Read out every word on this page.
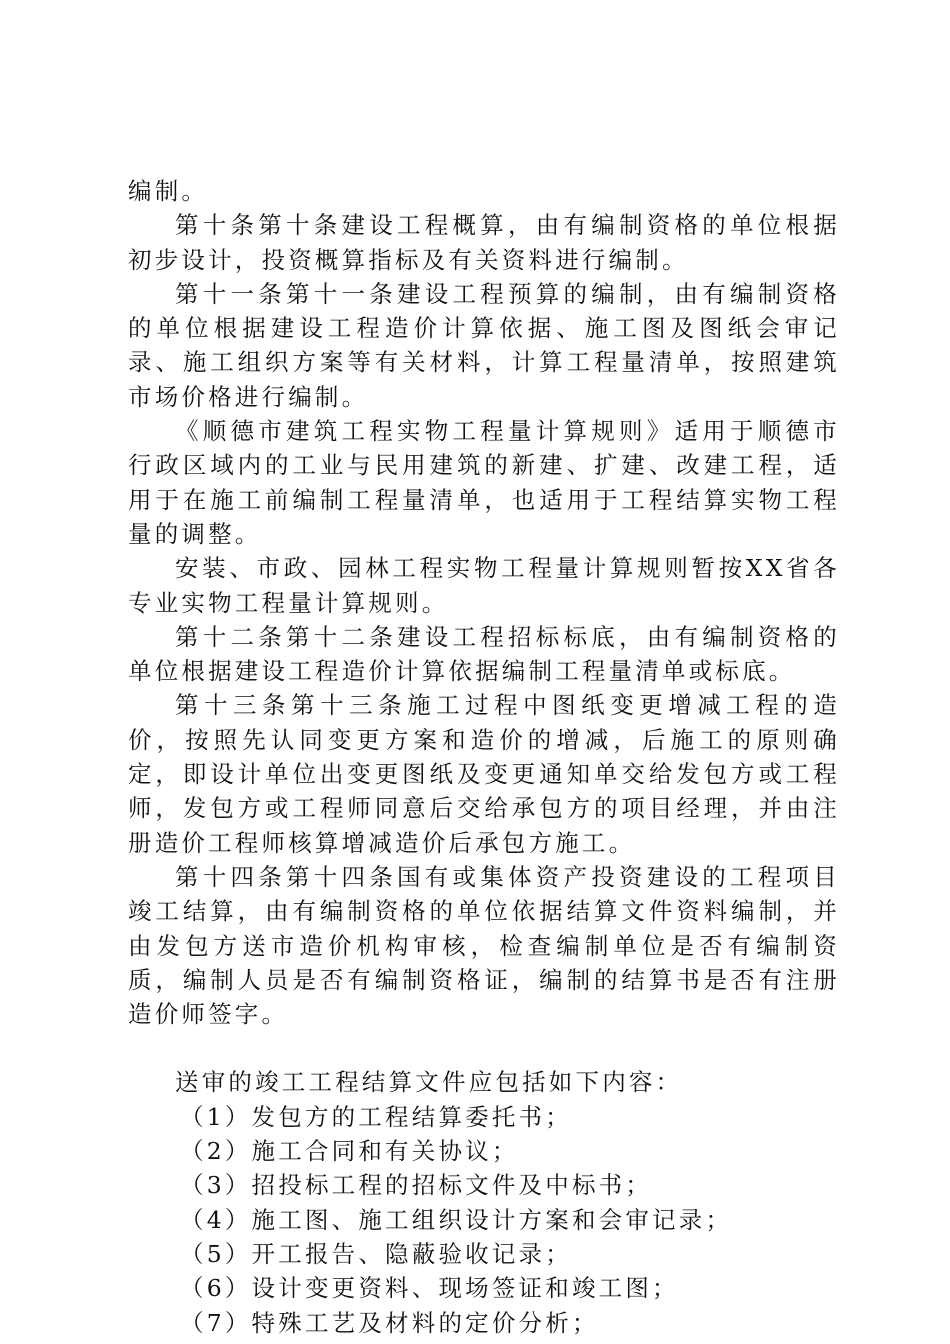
编制。

第十条第十条建设工程概算，由有编制资格的单位根据初步设计，投资概算指标及有关资料进行编制。

第十一条第十一条建设工程预算的编制，由有编制资格的单位根据建设工程造价计算依据、施工图及图纸会审记录、施工组织方案等有关材料，计算工程量清单，按照建筑市场价格进行编制。

《顺德市建筑工程实物工程量计算规则》适用于顺德市行政区域内的工业与民用建筑的新建、扩建、改建工程，适用于在施工前编制工程量清单，也适用于工程结算实物工程量的调整。

安装、市政、园林工程实物工程量计算规则暂按XX省各专业实物工程量计算规则。

第十二条第十二条建设工程招标标底，由有编制资格的单位根据建设工程造价计算依据编制工程量清单或标底。

第十三条第十三条施工过程中图纸变更增减工程的造价，按照先认同变更方案和造价的增减，后施工的原则确定，即设计单位出变更图纸及变更通知单交给发包方或工程师，发包方或工程师同意后交给承包方的项目经理，并由注册造价工程师核算增减造价后承包方施工。

第十四条第十四条国有或集体资产投资建设的工程项目竣工结算，由有编制资格的单位依据结算文件资料编制，并由发包方送市造价机构审核，检查编制单位是否有编制资质，编制人员是否有编制资格证，编制的结算书是否有注册造价师签字。

送审的竣工工程结算文件应包括如下内容：

（1）发包方的工程结算委托书；
（2）施工合同和有关协议；
（3）招投标工程的招标文件及中标书；
（4）施工图、施工组织设计方案和会审记录；
（5）开工报告、隐蔽验收记录；
（6）设计变更资料、现场签证和竣工图；
（7）特殊工艺及材料的定价分析；
